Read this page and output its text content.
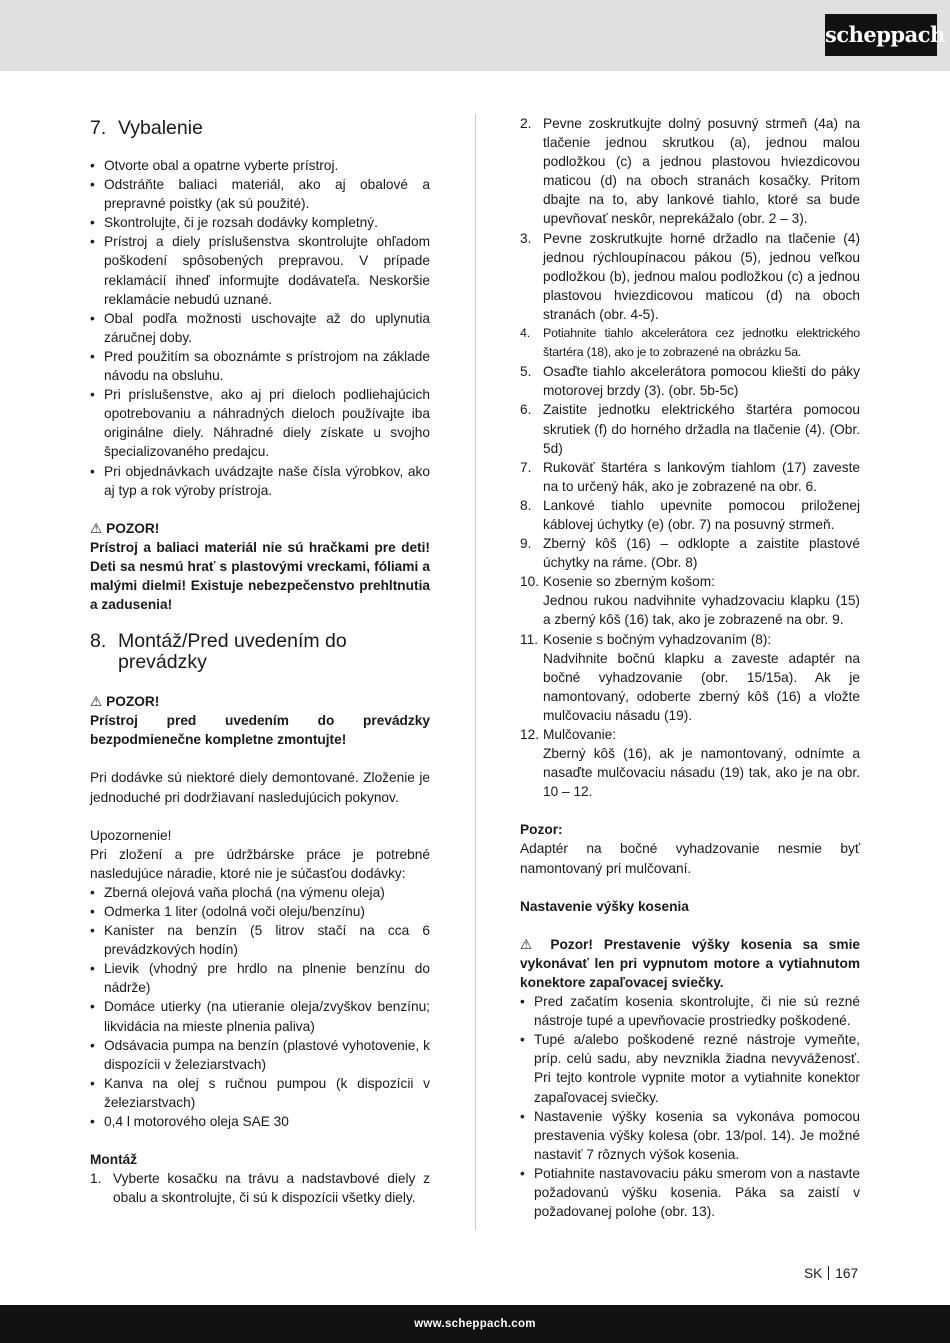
scheppach
7. Vybalenie
• Otvorte obal a opatrne vyberte prístroj.
• Odstráňte baliaci materiál, ako aj obalové a prepravné poistky (ak sú použité).
• Skontrolujte, či je rozsah dodávky kompletný.
• Prístroj a diely príslušenstva skontrolujte ohľadom poškodení spôsobených prepravou. V prípade reklamácií ihneď informujte dodávateľa. Neskoršie reklamácie nebudú uznané.
• Obal podľa možnosti uschovajte až do uplynutia záručnej doby.
• Pred použitím sa oboznámte s prístrojom na základe návodu na obsluhu.
• Pri príslušenstve, ako aj pri dieloch podliehajúcich opotrebovaniu a náhradných dieloch používajte iba originálne diely. Náhradné diely získate u svojho špecializovaného predajcu.
• Pri objednávkach uvádzajte naše čísla výrobkov, ako aj typ a rok výroby prístroja.

⚠ POZOR!

Prístroj a baliaci materiál nie sú hračkami pre deti! Deti sa nesmú hrať s plastovými vreckami, fóliami a malými dielmi! Existuje nebezpečenstvo prehltnutia a zadusenia!

8. Montáž/Pred uvedením do prevádzky

⚠ POZOR!

Prístroj pred uvedením do prevádzky bezpodmienečne kompletne zmontujte!

Pri dodávke sú niektoré diely demontované. Zloženie je jednoduché pri dodržiavaní nasledujúcich pokynov.

Upozornenie!

Pri zložení a pre údržbárske práce je potrebné nasledujúce náradie, ktoré nie je súčasťou dodávky:

• Zberná olejová vaňa plochá (na výmenu oleja)
• Odmerka 1 liter (odolná voči oleju/benzínu)
• Kanister na benzín (5 litrov stačí na cca 6 prevádzkových hodín)
• Lievik (vhodný pre hrdlo na plnenie benzínu do nádrže)
• Domáce utierky (na utieranie oleja/zvyškov benzínu; likvidácia na mieste plnenia paliva)
• Odsávacia pumpa na benzín (plastové vyhotovenie, k dispozícii v železiarstvach)
• Kanva na olej s ručnou pumpou (k dispozícii v železiarstvach)
• 0,4 l motorového oleja SAE 30

Montáž

1. Vyberte kosačku na trávu a nadstavbové diely z obalu a skontrolujte, či sú k dispozícii všetky diely.
2. Pevne zoskrutkujte dolný posuvný strmeň (4a) na tlačenie jednou skrutkou (a), jednou malou podložkou (c) a jednou plastovou hviezdicovou maticou (d) na oboch stranách kosačky. Pritom dbajte na to, aby lankové tiahlo, ktoré sa bude upevňovať neskôr, neprekážalo (obr. 2 – 3).
3. Pevne zoskrutkujte horné držadlo na tlačenie (4) jednou rýchloupínacou pákou (5), jednou veľkou podložkou (b), jednou malou podložkou (c) a jednou plastovou hviezdicovou maticou (d) na oboch stranách (obr. 4-5).
4. Potiahnite tiahlo akcelerátora cez jednotku elektrického štartéra (18), ako je to zobrazené na obrázku 5a.
5. Osaďte tiahlo akcelerátora pomocou kliešti do páky motorovej brzdy (3). (obr. 5b-5c)
6. Zaistite jednotku elektrického štartéra pomocou skrutiek (f) do horného držadla na tlačenie (4). (Obr. 5d)
7. Rukoväť štartéra s lankovým tiahlom (17) zaveste na to určený hák, ako je zobrazené na obr. 6.
8. Lankové tiahlo upevnite pomocou priloženej káblovej úchytky (e) (obr. 7) na posuvný strmeň.
9. Zberný kôš (16) – odklopte a zaistite plastové úchytky na ráme. (Obr. 8)
10. Kosenie so zberným košom:
Jednou rukou nadvihnite vyhadzovaciu klapku (15) a zberný kôš (16) tak, ako je zobrazené na obr. 9.
11. Kosenie s bočným vyhadzovaním (8):
Nadvihnite bočnú klapku a zaveste adaptér na bočné vyhadzovanie (obr. 15/15a). Ak je namontovaný, odoberte zberný kôš (16) a vložte mulčovaciu násadu (19).
12. Mulčovanie:
Zberný kôš (16), ak je namontovaný, odnímte a nasaďte mulčovaciu násadu (19) tak, ako je na obr. 10 – 12.

Pozor:

Adaptér na bočné vyhadzovanie nesmie byť namontovaný pri mulčovaní.

Nastavenie výšky kosenia

⚠ Pozor! Prestavenie výšky kosenia sa smie vykonávať len pri vypnutom motore a vytiahnutom konektore zapaľovacej sviečky.

• Pred začatím kosenia skontrolujte, či nie sú rezné nástroje tupé a upevňovacie prostriedky poškodené.
• Tupé a/alebo poškodené rezné nástroje vymeňte, príp. celú sadu, aby nevznikla žiadna nevyváženosť. Pri tejto kontrole vypnite motor a vytiahnite konektor zapaľovacej sviečky.
• Nastavenie výšky kosenia sa vykonáva pomocou prestavenia výšky kolesa (obr. 13/pol. 14). Je možné nastaviť 7 rôznych výšok kosenia.
• Potiahnite nastavovaciu páku smerom von a nastavte požadovanú výšku kosenia. Páka sa zaistí v požadovanej polohe (obr. 13).
SK 167
www.scheppach.com
